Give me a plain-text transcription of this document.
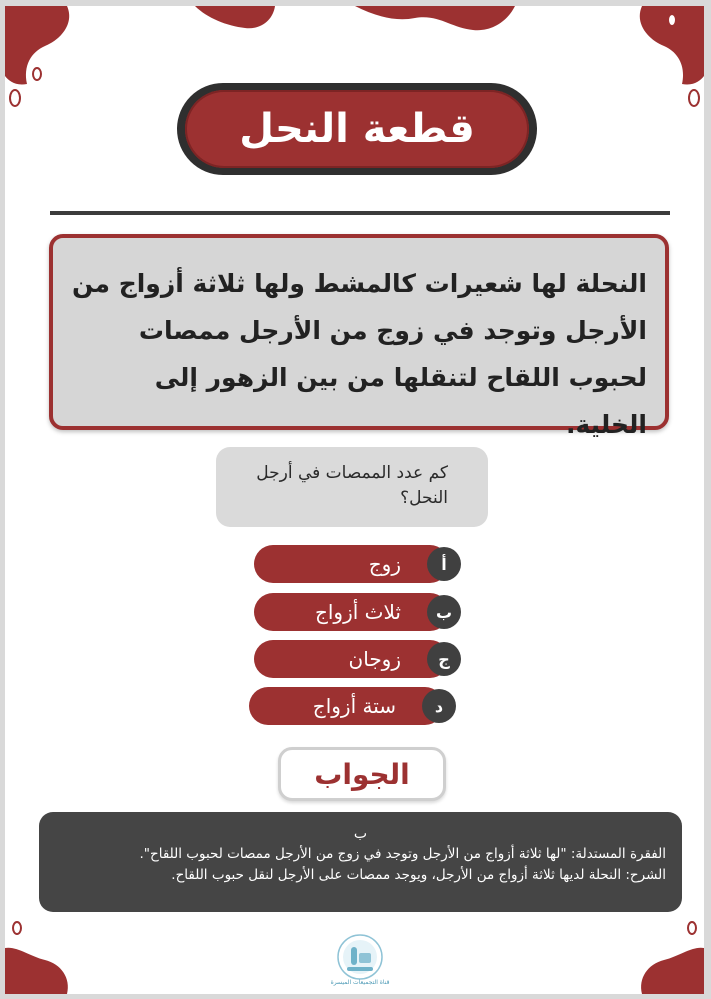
قطعة النحل
النحلة لها شعيرات كالمشط ولها ثلاثة أزواج من الأرجل وتوجد في زوج من الأرجل ممصات لحبوب اللقاح لتنقلها من بين الزهور إلى الخلية.
كم عدد الممصات في أرجل النحل؟
زوج	أ
ثلاث أزواج	ب
زوجان	ج
ستة أزواج	د
الجواب
ب
الفقرة المستدلة: "لها ثلاثة أزواج من الأرجل وتوجد في زوج من الأرجل ممصات لحبوب اللقاح".
الشرح: النحلة لديها ثلاثة أزواج من الأرجل، ويوجد ممصات على الأرجل لنقل حبوب اللقاح.
قناة التجميعات الميسرة
